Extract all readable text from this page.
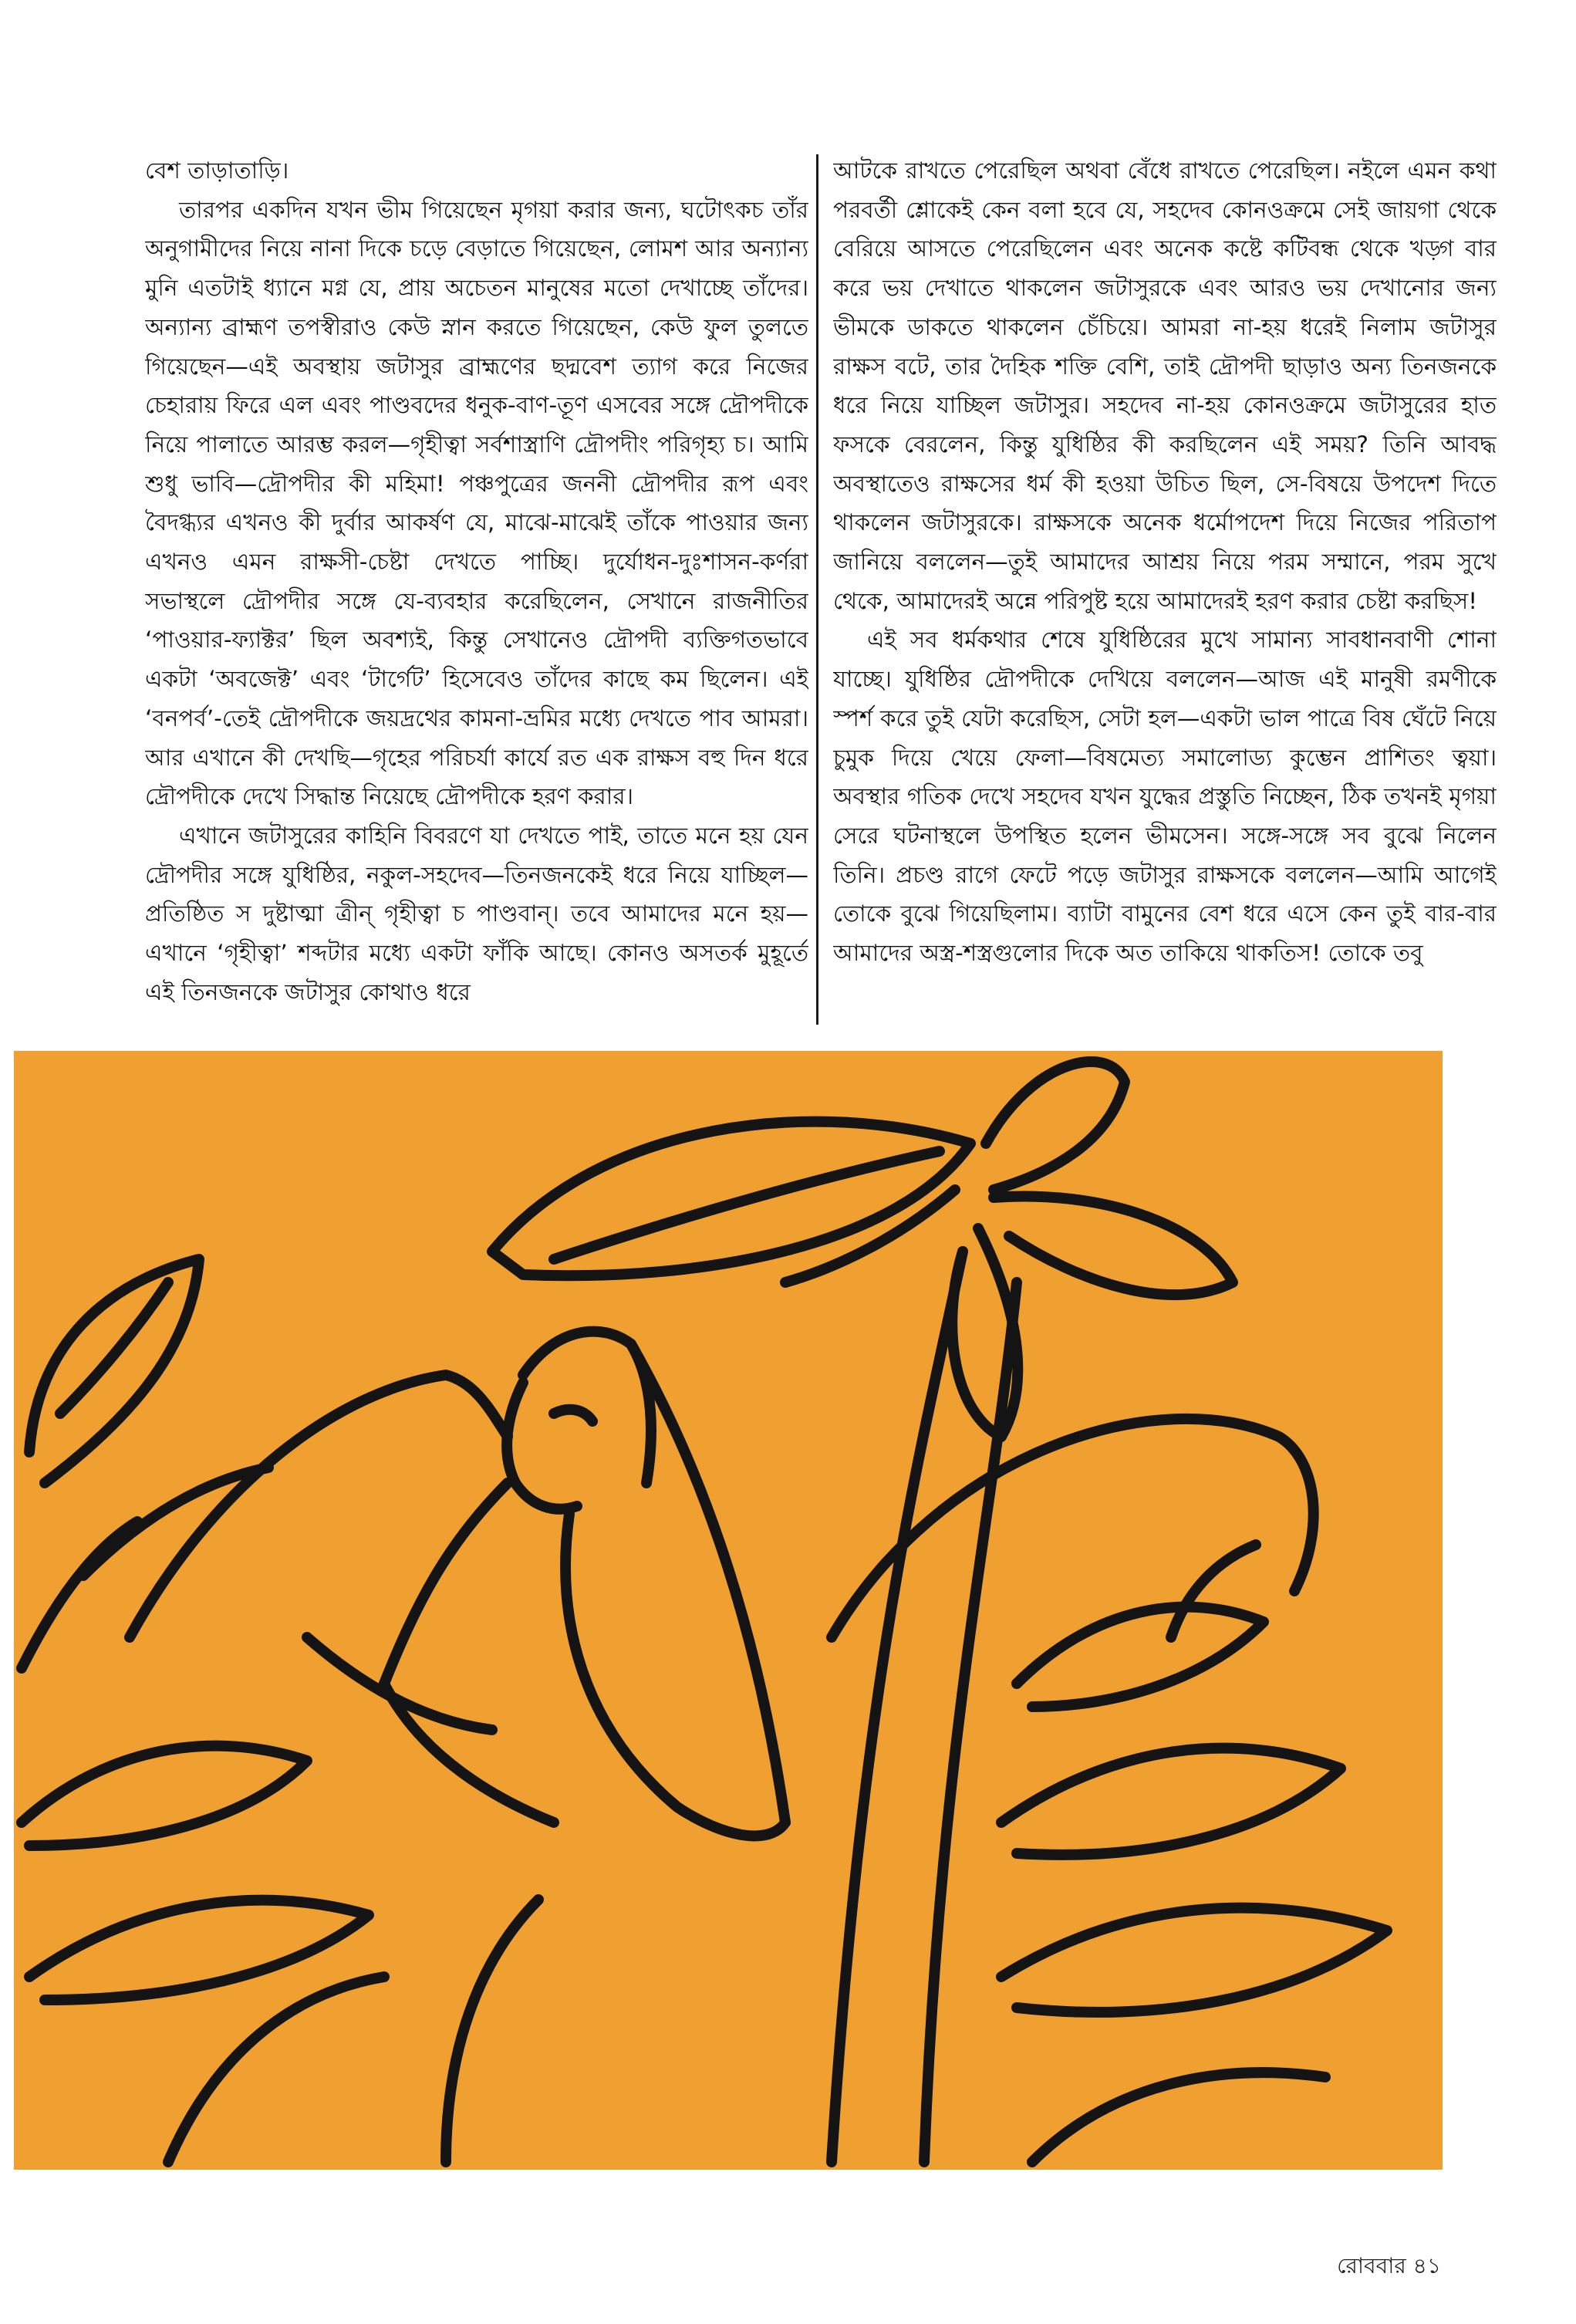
বেশ তাড়াতাড়ি।

তারপর একদিন যখন ভীম গিয়েছেন মৃগয়া করার জন্য, ঘটোৎকচ তাঁর অনুগামীদের নিয়ে নানা দিকে চড়ে বেড়াতে গিয়েছেন, লোমশ আর অন্যান্য মুনি এতটাই ধ্যানে মগ্ন যে, প্রায় অচেতন মানুষের মতো দেখাচ্ছে তাঁদের। অন্যান্য ব্রাহ্মণ তপস্বীরাও কেউ স্নান করতে গিয়েছেন, কেউ ফুল তুলতে গিয়েছেন—এই অবস্থায় জটাসুর ব্রাহ্মণের ছদ্মবেশ ত্যাগ করে নিজের চেহারায় ফিরে এল এবং পাণ্ডবদের ধনুক-বাণ-তূণ এসবের সঙ্গে দ্রৌপদীকে নিয়ে পালাতে আরম্ভ করল—গৃহীত্বা সর্বশাস্ত্রাণি দ্রৌপদীং পরিগৃহ্য চ। আমি শুধু ভাবি—দ্রৌপদীর কী মহিমা! পঞ্চপুত্রের জননী দ্রৌপদীর রূপ এবং বৈদগ্ধ্যর এখনও কী দুর্বার আকর্ষণ যে, মাঝে-মাঝেই তাঁকে পাওয়ার জন্য এখনও এমন রাক্ষসী-চেষ্টা দেখতে পাচ্ছি। দুর্যোধন-দুঃশাসন-কর্ণরা সভাস্থলে দ্রৌপদীর সঙ্গে যে-ব্যবহার করেছিলেন, সেখানে রাজনীতির ‘পাওয়ার-ফ্যাক্টর’ ছিল অবশ্যই, কিন্তু সেখানেও দ্রৌপদী ব্যক্তিগতভাবে একটা ‘অবজেক্ট’ এবং ‘টার্গেট’ হিসেবেও তাঁদের কাছে কম ছিলেন। এই ‘বনপর্ব’-তেই দ্রৌপদীকে জয়দ্রথের কামনা-ভ্রমির মধ্যে দেখতে পাব আমরা। আর এখানে কী দেখছি—গৃহের পরিচর্যা কার্যে রত এক রাক্ষস বহু দিন ধরে দ্রৌপদীকে দেখে সিদ্ধান্ত নিয়েছে দ্রৌপদীকে হরণ করার।

এখানে জটাসুরের কাহিনি বিবরণে যা দেখতে পাই, তাতে মনে হয় যেন দ্রৌপদীর সঙ্গে যুধিষ্ঠির, নকুল-সহদেব—তিনজনকেই ধরে নিয়ে যাচ্ছিল—প্রতিষ্ঠিত স দুষ্টাত্মা ত্রীন্ গৃহীত্বা চ পাণ্ডবান্। তবে আমাদের মনে হয়—এখানে ‘গৃহীত্বা’ শব্দটার মধ্যে একটা ফাঁকি আছে। কোনও অসতর্ক মুহূর্তে এই তিনজনকে জটাসুর কোথাও ধরে

আটকে রাখতে পেরেছিল অথবা বেঁধে রাখতে পেরেছিল। নইলে এমন কথা পরবর্তী শ্লোকেই কেন বলা হবে যে, সহদেব কোনওক্রমে সেই জায়গা থেকে বেরিয়ে আসতে পেরেছিলেন এবং অনেক কষ্টে কটিবন্ধ থেকে খড়্গ বার করে ভয় দেখাতে থাকলেন জটাসুরকে এবং আরও ভয় দেখানোর জন্য ভীমকে ডাকতে থাকলেন চেঁচিয়ে। আমরা না-হয় ধরেই নিলাম জটাসুর রাক্ষস বটে, তার দৈহিক শক্তি বেশি, তাই দ্রৌপদী ছাড়াও অন্য তিনজনকে ধরে নিয়ে যাচ্ছিল জটাসুর। সহদেব না-হয় কোনওক্রমে জটাসুরের হাত ফসকে বেরলেন, কিন্তু যুধিষ্ঠির কী করছিলেন এই সময়? তিনি আবদ্ধ অবস্থাতেও রাক্ষসের ধর্ম কী হওয়া উচিত ছিল, সে-বিষয়ে উপদেশ দিতে থাকলেন জটাসুরকে। রাক্ষসকে অনেক ধর্মোপদেশ দিয়ে নিজের পরিতাপ জানিয়ে বললেন—তুই আমাদের আশ্রয় নিয়ে পরম সম্মানে, পরম সুখে থেকে, আমাদেরই অন্নে পরিপুষ্ট হয়ে আমাদেরই হরণ করার চেষ্টা করছিস!

এই সব ধর্মকথার শেষে যুধিষ্ঠিরের মুখে সামান্য সাবধানবাণী শোনা যাচ্ছে। যুধিষ্ঠির দ্রৌপদীকে দেখিয়ে বললেন—আজ এই মানুষী রমণীকে স্পর্শ করে তুই যেটা করেছিস, সেটা হল—একটা ভাল পাত্রে বিষ ঘেঁটে নিয়ে চুমুক দিয়ে খেয়ে ফেলা—বিষমেত্য সমালোড্য কুম্ভেন প্রাশিতং ত্বয়া। অবস্থার গতিক দেখে সহদেব যখন যুদ্ধের প্রস্তুতি নিচ্ছেন, ঠিক তখনই মৃগয়া সেরে ঘটনাস্থলে উপস্থিত হলেন ভীমসেন। সঙ্গে-সঙ্গে সব বুঝে নিলেন তিনি। প্রচণ্ড রাগে ফেটে পড়ে জটাসুর রাক্ষসকে বললেন—আমি আগেই তোকে বুঝে গিয়েছিলাম। ব্যাটা বামুনের বেশ ধরে এসে কেন তুই বার-বার আমাদের অস্ত্র-শস্ত্রগুলোর দিকে অত তাকিয়ে থাকতিস! তোকে তবু

রোববার ৪১
